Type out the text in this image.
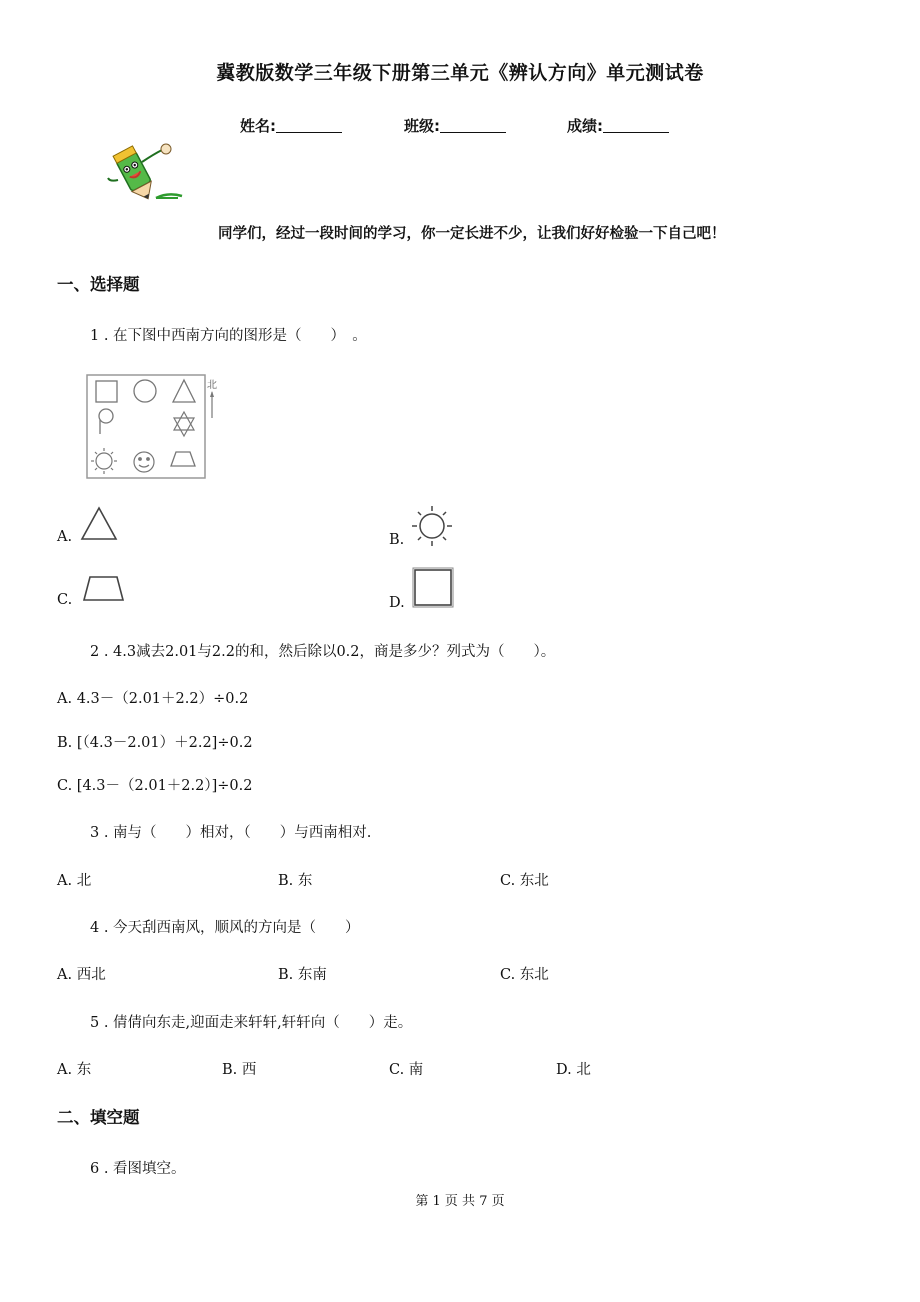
冀教版数学三年级下册第三单元《辨认方向》单元测试卷
姓名:	班级:	成绩:
同学们，经过一段时间的学习，你一定长进不少，让我们好好检验一下自己吧！
一、选择题
1 . 在下图中西南方向的图形是（　　）　。
北
A.	B.
C.	D.
2 . 4.3减去2.01与2.2的和，然后除以0.2，商是多少？列式为（　　）。
A. 4.3－（2.01＋2.2）÷0.2
B. [（4.3－2.01）＋2.2]÷0.2
C. [4.3－（2.01＋2.2）]÷0.2
3 . 南与（　　）相对，（　　）与西南相对.
A. 北	B. 东	C. 东北
4 . 今天刮西南风，顺风的方向是（　　）
A. 西北	B. 东南	C. 东北
5 . 倩倩向东走,迎面走来轩轩,轩轩向（　　）走。
A. 东	B. 西	C. 南	D. 北
二、填空题
6 . 看图填空。
第 1 页 共 7 页
